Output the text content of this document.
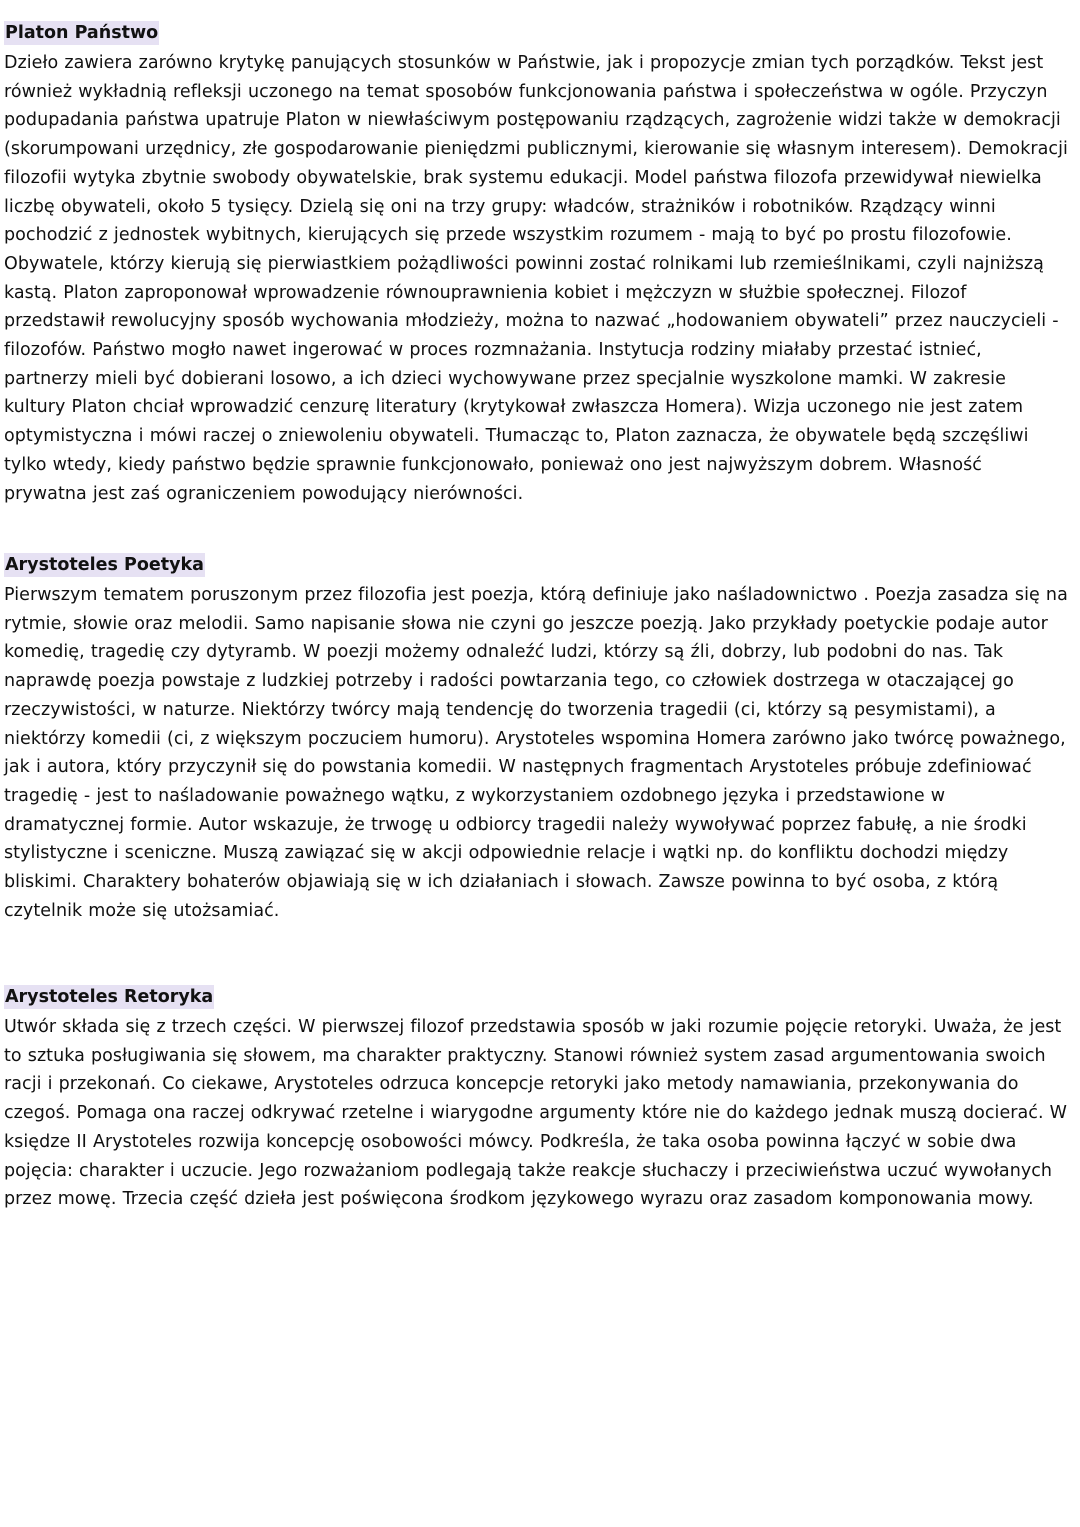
Platon Państwo

Dzieło zawiera zarówno krytykę panujących stosunków w Państwie, jak i propozycje zmian tych porządków. Tekst jest również wykładnią refleksji uczonego na temat sposobów funkcjonowania państwa i społeczeństwa w ogóle. Przyczyn podupadania państwa upatruje Platon w niewłaściwym postępowaniu rządzących, zagrożenie widzi także w demokracji (skorumpowani urzędnicy, złe gospodarowanie pieniędzmi publicznymi, kierowanie się własnym interesem). Demokracji filozofii wytyka zbytnie swobody obywatelskie, brak systemu edukacji. Model państwa filozofa przewidywał niewielka liczbę obywateli, około 5 tysięcy. Dzielą się oni na trzy grupy: władców, strażników i robotników. Rządzący winni pochodzić z jednostek wybitnych, kierujących się przede wszystkim rozumem - mają to być po prostu filozofowie. Obywatele, którzy kierują się pierwiastkiem pożądliwości powinni zostać rolnikami lub rzemieślnikami, czyli najniższą kastą. Platon zaproponował wprowadzenie równouprawnienia kobiet i mężczyzn w służbie społecznej. Filozof przedstawił rewolucyjny sposób wychowania młodzieży, można to nazwać „hodowaniem obywateli” przez nauczycieli - filozofów. Państwo mogło nawet ingerować w proces rozmnażania. Instytucja rodziny miałaby przestać istnieć, partnerzy mieli być dobierani losowo, a ich dzieci wychowywane przez specjalnie wyszkolone mamki. W zakresie kultury Platon chciał wprowadzić cenzurę literatury (krytykował zwłaszcza Homera). Wizja uczonego nie jest zatem optymistyczna i mówi raczej o zniewoleniu obywateli. Tłumacząc to, Platon zaznacza, że obywatele będą szczęśliwi tylko wtedy, kiedy państwo będzie sprawnie funkcjonowało, ponieważ ono jest najwyższym dobrem. Własność prywatna jest zaś ograniczeniem powodujący nierówności.

Arystoteles Poetyka

Pierwszym tematem poruszonym przez filozofia jest poezja, którą definiuje jako naśladownictwo . Poezja zasadza się na rytmie, słowie oraz melodii. Samo napisanie słowa nie czyni go jeszcze poezją. Jako przykłady poetyckie podaje autor komedię, tragedię czy dytyramb. W poezji możemy odnaleźć ludzi, którzy są źli, dobrzy, lub podobni do nas. Tak naprawdę poezja powstaje z ludzkiej potrzeby i radości powtarzania tego, co człowiek dostrzega w otaczającej go rzeczywistości, w naturze. Niektórzy twórcy mają tendencję do tworzenia tragedii (ci, którzy są pesymistami), a niektórzy komedii (ci, z większym poczuciem humoru). Arystoteles wspomina Homera zarówno jako twórcę poważnego, jak i autora, który przyczynił się do powstania komedii. W następnych fragmentach Arystoteles próbuje zdefiniować tragedię - jest to naśladowanie poważnego wątku, z wykorzystaniem ozdobnego języka i przedstawione w dramatycznej formie. Autor wskazuje, że trwogę u odbiorcy tragedii należy wywoływać poprzez fabułę, a nie środki stylistyczne i sceniczne. Muszą zawiązać się w akcji odpowiednie relacje i wątki np. do konfliktu dochodzi między bliskimi. Charaktery bohaterów objawiają się w ich działaniach i słowach. Zawsze powinna to być osoba, z którą czytelnik może się utożsamiać.

Arystoteles Retoryka

Utwór składa się z trzech części. W pierwszej filozof przedstawia sposób w jaki rozumie pojęcie retoryki. Uważa, że jest to sztuka posługiwania się słowem, ma charakter praktyczny. Stanowi również system zasad argumentowania swoich racji i przekonań. Co ciekawe, Arystoteles odrzuca koncepcje retoryki jako metody namawiania, przekonywania do czegoś. Pomaga ona raczej odkrywać rzetelne i wiarygodne argumenty które nie do każdego jednak muszą docierać. W księdze II Arystoteles rozwija koncepcję osobowości mówcy. Podkreśla, że taka osoba powinna łączyć w sobie dwa pojęcia: charakter i uczucie. Jego rozważaniom podlegają także reakcje słuchaczy i przeciwieństwa uczuć wywołanych przez mowę. Trzecia część dzieła jest poświęcona środkom językowego wyrazu oraz zasadom komponowania mowy.
